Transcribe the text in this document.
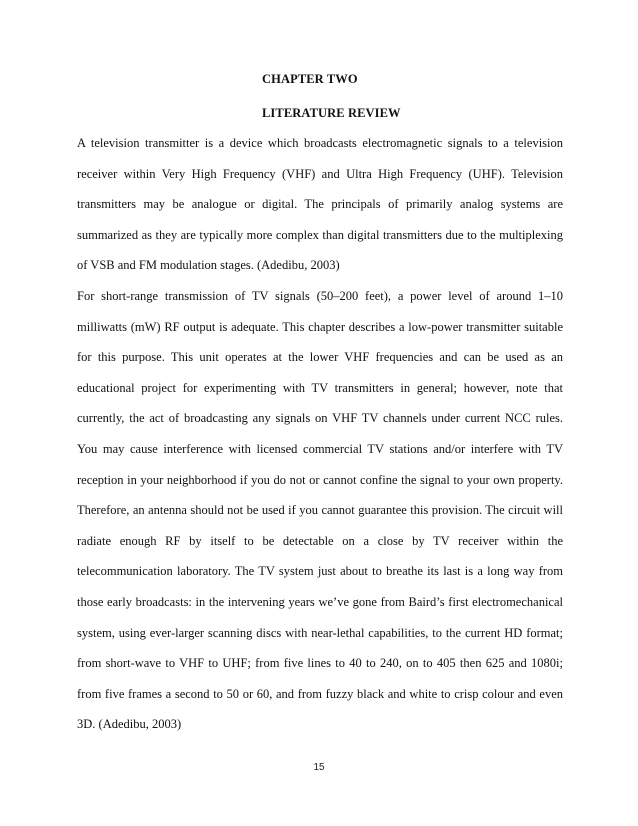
CHAPTER TWO
LITERATURE REVIEW
A television transmitter is a device which broadcasts electromagnetic signals to a television
receiver within Very High Frequency (VHF) and Ultra High Frequency (UHF). Television
transmitters may be analogue or digital. The principals of primarily analog systems are
summarized as they are typically more complex than digital transmitters due to the multiplexing
of VSB and FM modulation stages. (Adedibu, 2003)
For short-range transmission of TV signals (50–200 feet), a power level of around 1–10
milliwatts (mW) RF output is adequate. This chapter describes a low-power transmitter suitable
for this purpose. This unit operates at the lower VHF frequencies and can be used as an
educational project for experimenting with TV transmitters in general; however, note that
currently, the act of broadcasting any signals on VHF TV channels under current NCC rules.
You may cause interference with licensed commercial TV stations and/or interfere with TV
reception in your neighborhood if you do not or cannot confine the signal to your own property.
Therefore, an antenna should not be used if you cannot guarantee this provision. The circuit will
radiate enough RF by itself to be detectable on a close by TV receiver within the
telecommunication laboratory. The TV system just about to breathe its last is a long way from
those early broadcasts: in the intervening years we’ve gone from Baird’s first electromechanical
system, using ever-larger scanning discs with near-lethal capabilities, to the current HD format;
from short-wave to VHF to UHF; from five lines to 40 to 240, on to 405 then 625 and 1080i;
from five frames a second to 50 or 60, and from fuzzy black and white to crisp colour and even
3D. (Adedibu, 2003)
15
